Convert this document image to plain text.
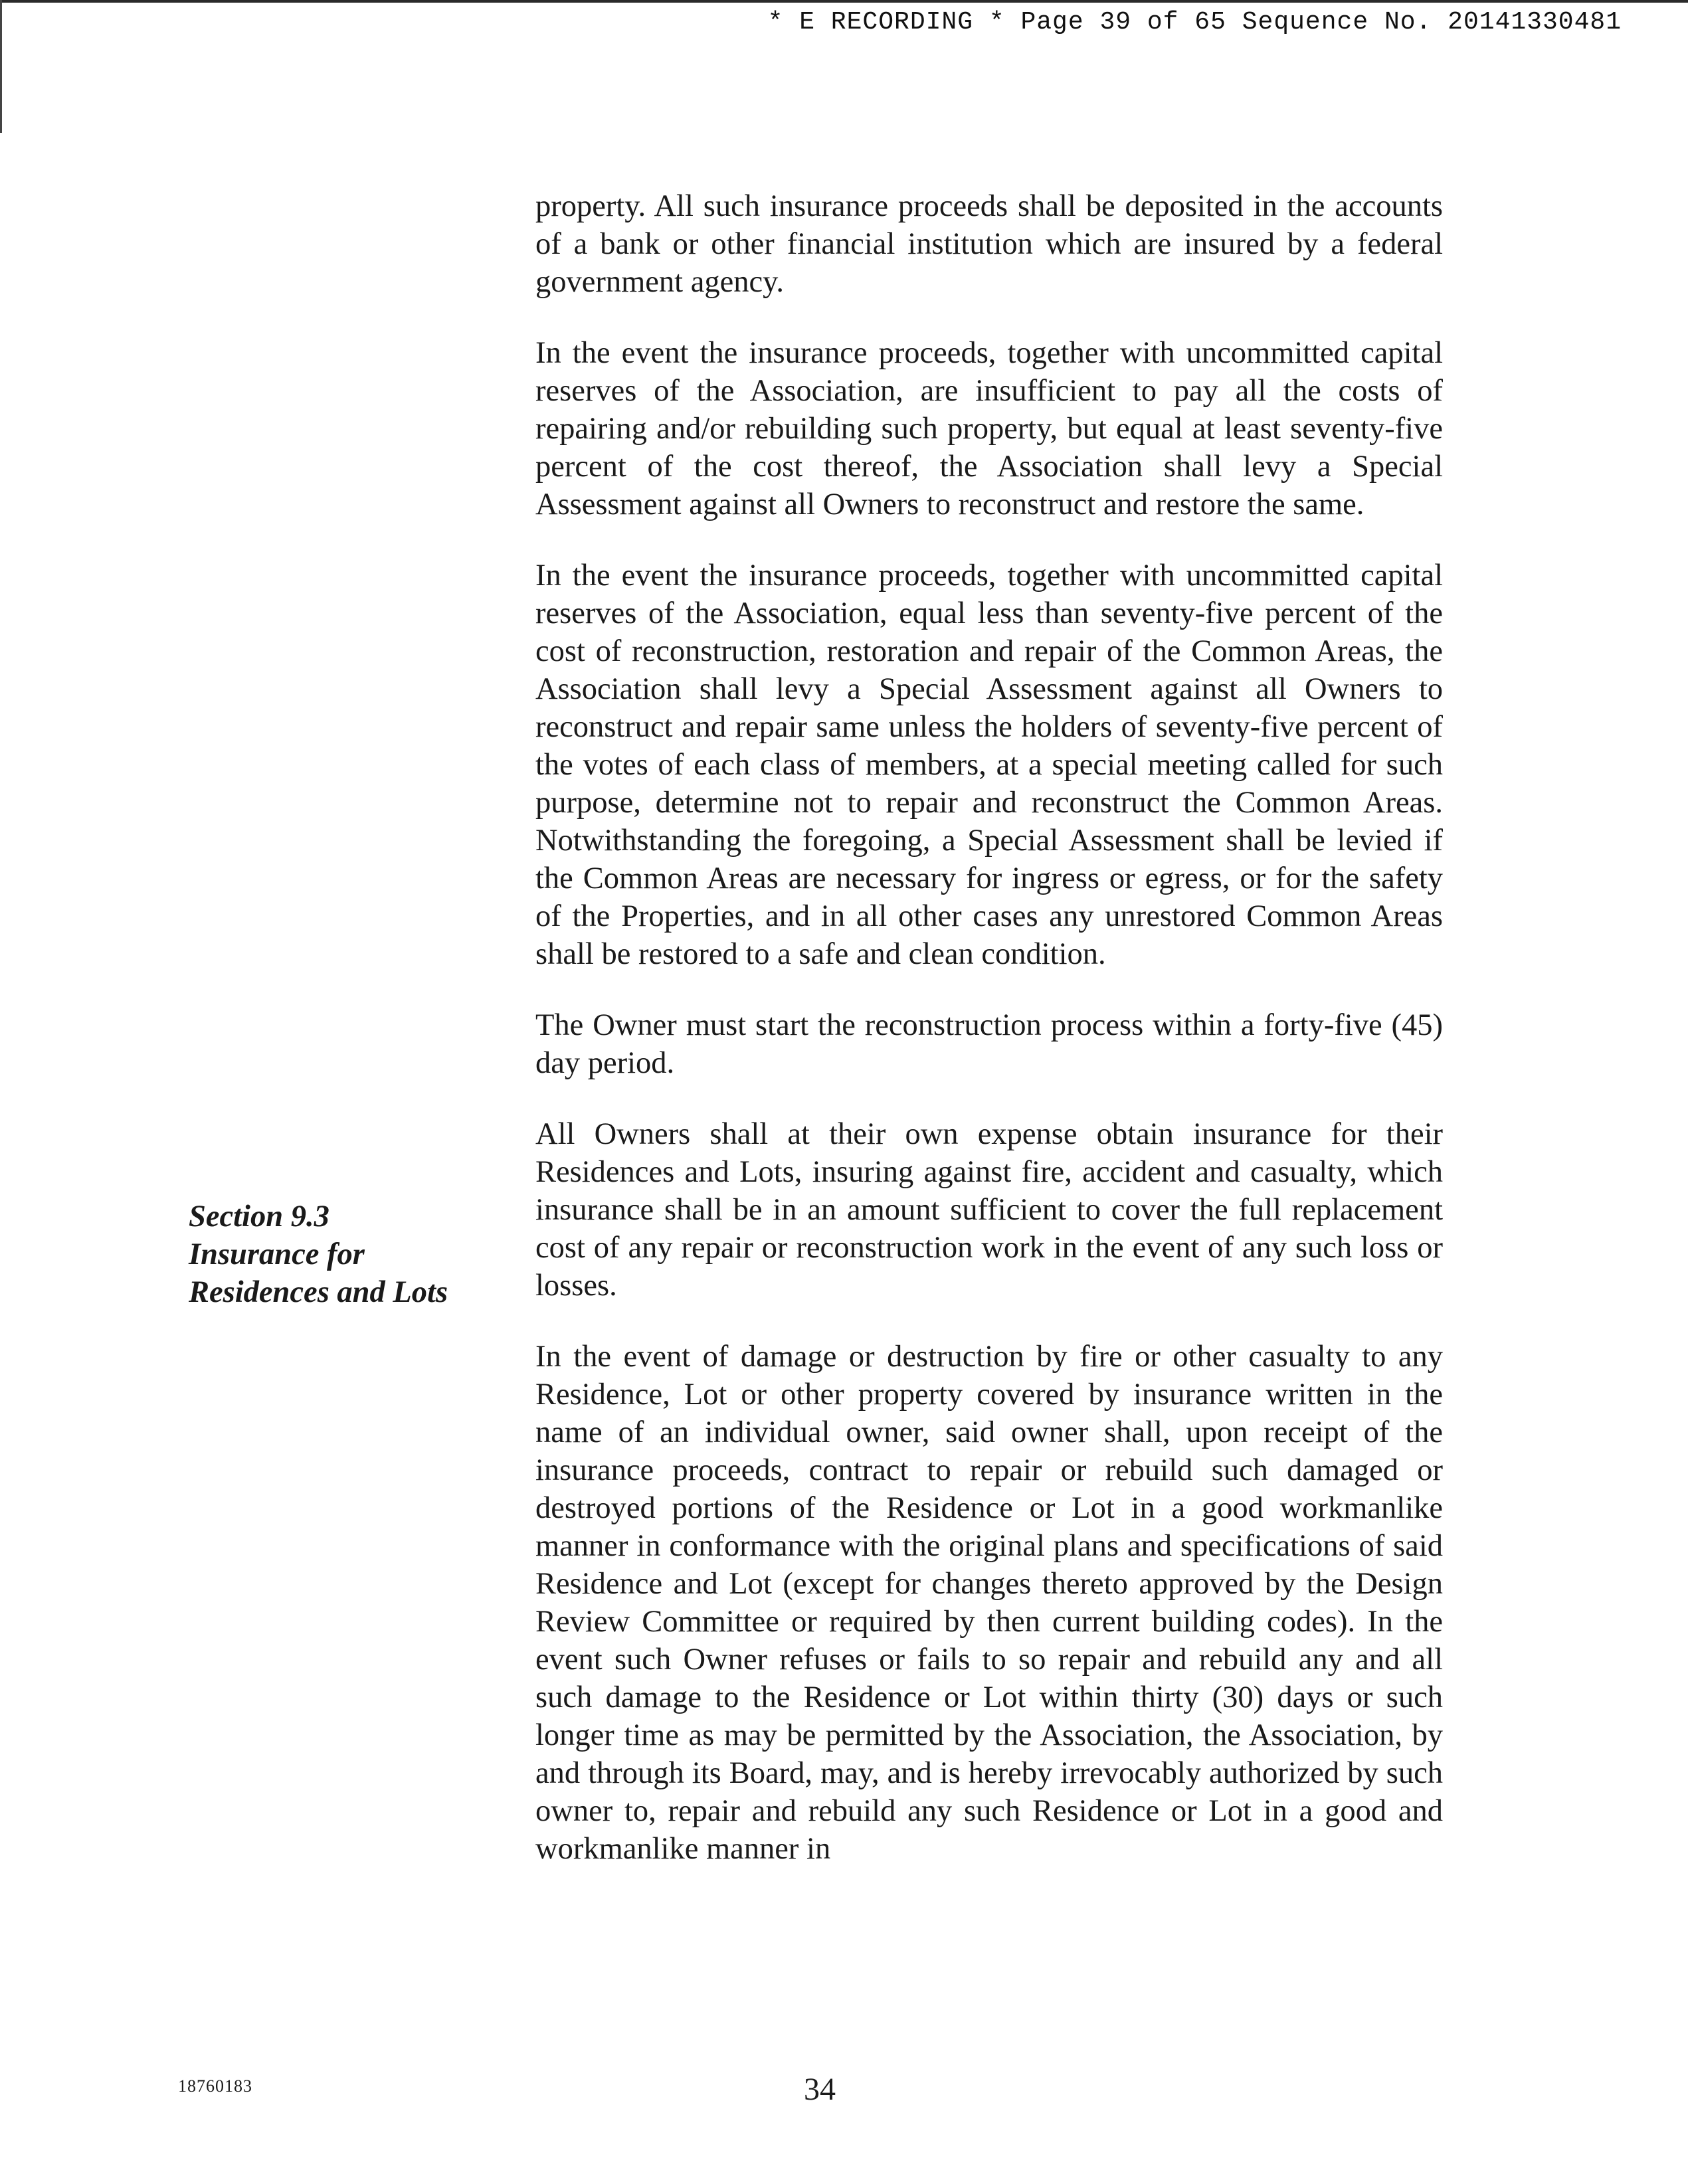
* E RECORDING * Page 39 of 65 Sequence No. 20141330481

property. All such insurance proceeds shall be deposited in the accounts of a bank or other financial institution which are insured by a federal government agency.

In the event the insurance proceeds, together with uncommitted capital reserves of the Association, are insufficient to pay all the costs of repairing and/or rebuilding such property, but equal at least seventy-five percent of the cost thereof, the Association shall levy a Special Assessment against all Owners to reconstruct and restore the same.

In the event the insurance proceeds, together with uncommitted capital reserves of the Association, equal less than seventy-five percent of the cost of reconstruction, restoration and repair of the Common Areas, the Association shall levy a Special Assessment against all Owners to reconstruct and repair same unless the holders of seventy-five percent of the votes of each class of members, at a special meeting called for such purpose, determine not to repair and reconstruct the Common Areas. Notwithstanding the foregoing, a Special Assessment shall be levied if the Common Areas are necessary for ingress or egress, or for the safety of the Properties, and in all other cases any unrestored Common Areas shall be restored to a safe and clean condition.

The Owner must start the reconstruction process within a forty-five (45) day period.

All Owners shall at their own expense obtain insurance for their Residences and Lots, insuring against fire, accident and casualty, which insurance shall be in an amount sufficient to cover the full replacement cost of any repair or reconstruction work in the event of any such loss or losses.

In the event of damage or destruction by fire or other casualty to any Residence, Lot or other property covered by insurance written in the name of an individual owner, said owner shall, upon receipt of the insurance proceeds, contract to repair or rebuild such damaged or destroyed portions of the Residence or Lot in a good workmanlike manner in conformance with the original plans and specifications of said Residence and Lot (except for changes thereto approved by the Design Review Committee or required by then current building codes). In the event such Owner refuses or fails to so repair and rebuild any and all such damage to the Residence or Lot within thirty (30) days or such longer time as may be permitted by the Association, the Association, by and through its Board, may, and is hereby irrevocably authorized by such owner to, repair and rebuild any such Residence or Lot in a good and workmanlike manner in

Section 9.3
Insurance for
Residences and Lots
18760183	34
